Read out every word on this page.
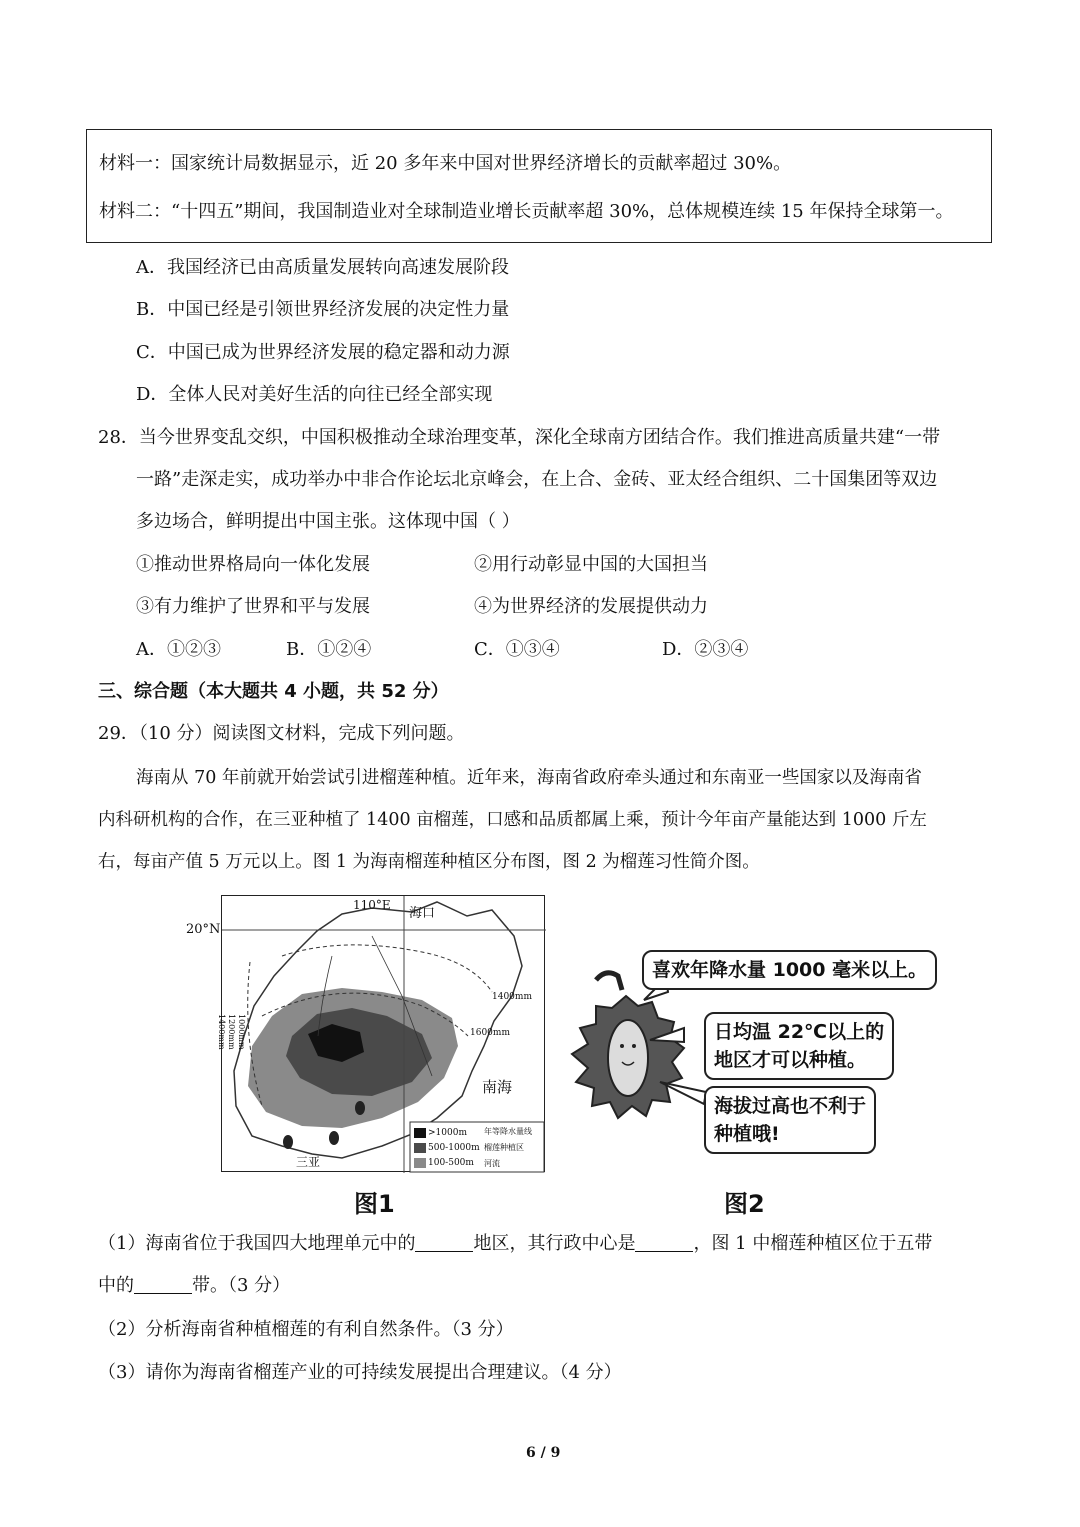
材料一：国家统计局数据显示，近 20 多年来中国对世界经济增长的贡献率超过 30%。
材料二：“十四五”期间，我国制造业对全球制造业增长贡献率超 30%，总体规模连续 15 年保持全球第一。
A．我国经济已由高质量发展转向高速发展阶段
B．中国已经是引领世界经济发展的决定性力量
C．中国已成为世界经济发展的稳定器和动力源
D．全体人民对美好生活的向往已经全部实现
28．当今世界变乱交织，中国积极推动全球治理变革，深化全球南方团结合作。我们推进高质量共建“一带
一路”走深走实，成功举办中非合作论坛北京峰会，在上合、金砖、亚太经合组织、二十国集团等双边
多边场合，鲜明提出中国主张。这体现中国（ ）
①推动世界格局向一体化发展	②用行动彰显中国的大国担当
③有力维护了世界和平与发展	④为世界经济的发展提供动力
A．①②③	B．①②④	C．①③④	D．②③④
三、综合题（本大题共 4 小题，共 52 分）
29．（10 分）阅读图文材料，完成下列问题。
海南从 70 年前就开始尝试引进榴莲种植。近年来，海南省政府牵头通过和东南亚一些国家以及海南省
内科研机构的合作，在三亚种植了 1400 亩榴莲，口感和品质都属上乘，预计今年亩产量能达到 1000 斤左
右，每亩产值 5 万元以上。图 1 为海南榴莲种植区分布图，图 2 为榴莲习性简介图。
110°E
海口
1400mm
1600mm
南海
三亚
>1000m
500-1000m
100-500m
年等降水量线
榴莲种植区
河流
1400mm 1200mm 1000mm
20°N
图1
喜欢年降水量 1000 毫米以上。
日均温 22℃以上的
地区才可以种植。
海拔过高也不利于
种植哦!
图2
（1）海南省位于我国四大地理单元中的	地区，其行政中心是	，图 1 中榴莲种植区位于五带
中的	带。（3 分）
（2）分析海南省种植榴莲的有利自然条件。（3 分）
（3）请你为海南省榴莲产业的可持续发展提出合理建议。（4 分）
6 / 9
